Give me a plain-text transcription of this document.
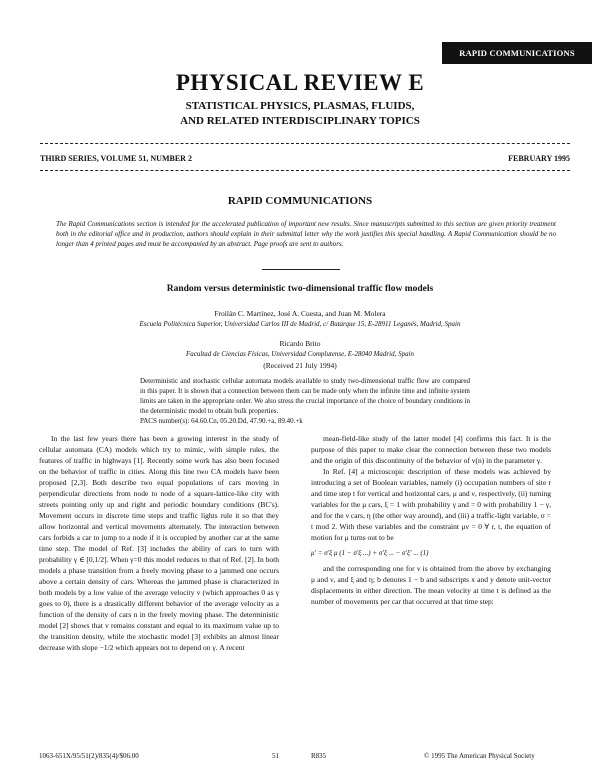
RAPID COMMUNICATIONS
PHYSICAL REVIEW E
STATISTICAL PHYSICS, PLASMAS, FLUIDS,
AND RELATED INTERDISCIPLINARY TOPICS
THIRD SERIES, VOLUME 51, NUMBER 2	FEBRUARY 1995
RAPID COMMUNICATIONS
The Rapid Communications section is intended for the accelerated publication of important new results. Since manuscripts submitted to this section are given priority treatment both in the editorial office and in production, authors should explain in their submittal letter why the work justifies this special handling. A Rapid Communication should be no longer than 4 printed pages and must be accompanied by an abstract. Page proofs are sent to authors.
Random versus deterministic two-dimensional traffic flow models
Froilán C. Martínez, José A. Cuesta, and Juan M. Molera
Escuela Politécnica Superior, Universidad Carlos III de Madrid, c/ Butarque 15, E-28911 Leganés, Madrid, Spain
Ricardo Brito
Facultad de Ciencias Físicas, Universidad Complutense, E-28040 Madrid, Spain
(Received 21 July 1994)
Deterministic and stochastic cellular automata models available to study two-dimensional traffic flow are compared in this paper. It is shown that a connection between them can be made only when the infinite time and infinite system limits are taken in the appropriate order. We also stress the crucial importance of the choice of boundary conditions in the deterministic model to obtain bulk properties.
PACS number(s): 64.60.Cn, 05.20.Dd, 47.90.+a, 89.40.+k

In the last few years there has been a growing interest in the study of cellular automata (CA) models which try to mimic, with simple rules, the features of traffic in highways [1]. Recently some work has also been focused on the behavior of traffic in cities. Along this line two CA models have been proposed [2,3]. Both describe two equal populations of cars moving in perpendicular directions from node to node of a square-lattice-like city with streets pointing only up and right and periodic boundary conditions (BC's). Movement occurs in discrete time steps and traffic lights rule it so that they allow horizontal and vertical movements alternately. The interaction between cars forbids a car to jump to a node if it is occupied by another car at the same time step. The model of Ref. [3] includes the ability of cars to turn with probability γ ∈ [0,1/2]. When γ=0 this model reduces to that of Ref. [2]. In both models a phase transition from a freely moving phase to a jammed one occurs above a certain density of cars. Whereas the jammed phase is characterized in both models by a low value of the average velocity v (which approaches 0 as γ goes to 0), there is a drastically different behavior of the average velocity as a function of the density of cars n in the freely moving phase. The deterministic model [2] shows that v remains constant and equal to its maximum value up to the transition density, while the stochastic model [3] exhibits an almost linear decrease with slope −1/2 which appears not to depend on γ. A recent

mean-field-like study of the latter model [4] confirms this fact. It is the purpose of this paper to make clear the connection between these two models and the origin of this discontinuity of the behavior of v(n) in the parameter γ.

In Ref. [4] a microscopic description of these models was achieved by introducing a set of Boolean variables, namely (i) occupation numbers of site r and time step t for vertical and horizontal cars, μ and ν, respectively, (ii) turning variables for the μ cars, ξ = 1 with probability γ and = 0 with probability 1 − γ, and for the ν cars, η (the other way around), and (iii) a traffic-light variable, σ = t mod 2. With these variables and the constraint μν = 0 ∀ r, t, the equation of motion for μ turns out to be

μ′ = σ′ξ μ (1 − σ′ξ ...) + σ′ξ ... − σ′ξ′ ... (1)

and the corresponding one for ν is obtained from the above by exchanging μ and ν, and ξ and η; b denotes 1 − b and subscripts x and y denote unit-vector displacements in either direction. The mean velocity at time t is defined as the number of movements per car that occurred at that time step:

1063-651X/95/51(2)/835(4)/$06.00	51	R835	© 1995 The American Physical Society
